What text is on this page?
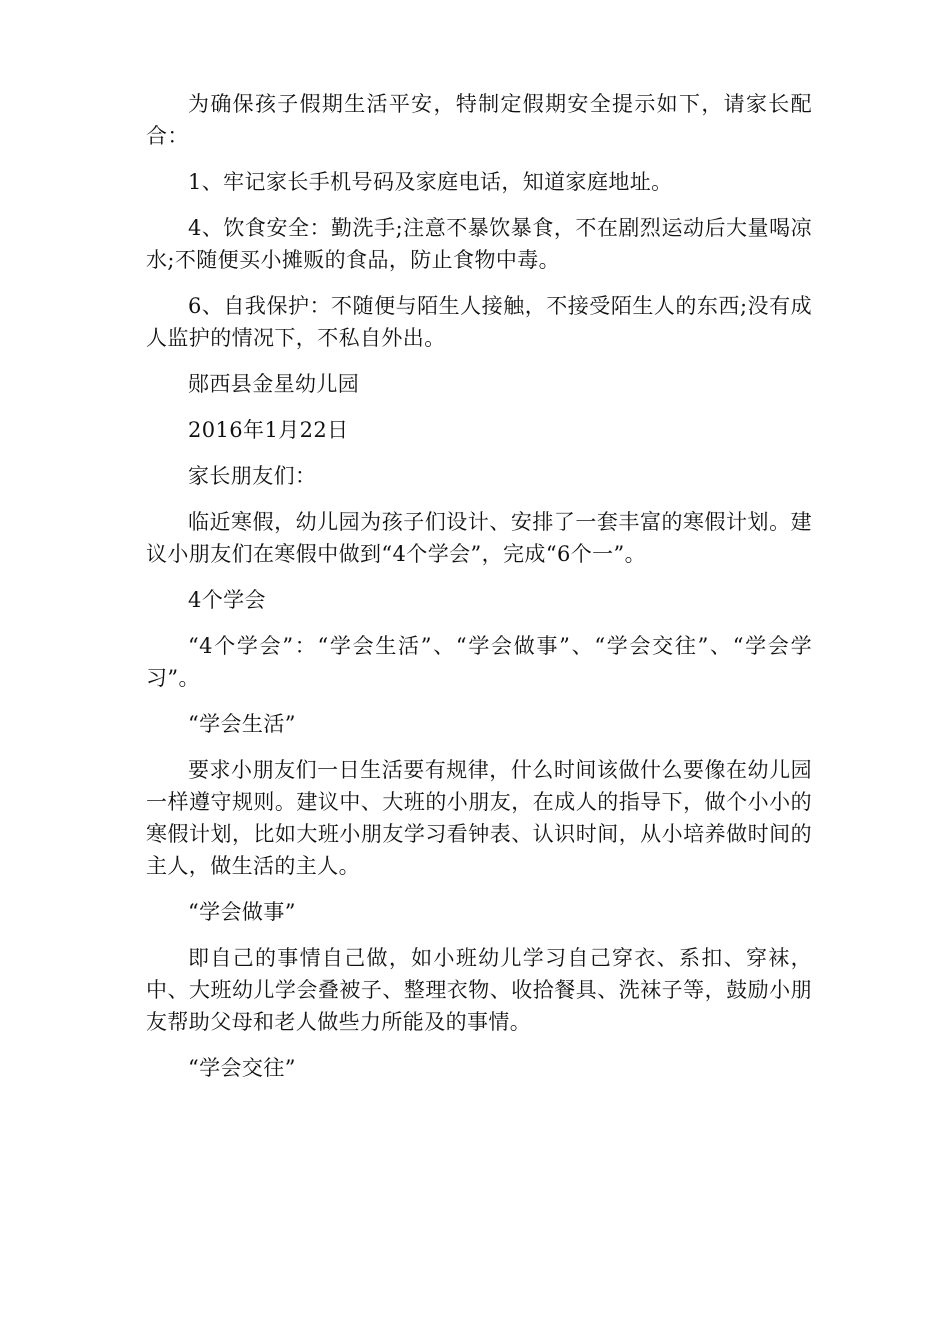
为确保孩子假期生活平安，特制定假期安全提示如下，请家长配合：

1、牢记家长手机号码及家庭电话，知道家庭地址。

4、饮食安全：勤洗手;注意不暴饮暴食，不在剧烈运动后大量喝凉水;不随便买小摊贩的食品，防止食物中毒。

6、自我保护：不随便与陌生人接触，不接受陌生人的东西;没有成人监护的情况下，不私自外出。

郧西县金星幼儿园

2016年1月22日

家长朋友们：

临近寒假，幼儿园为孩子们设计、安排了一套丰富的寒假计划。建议小朋友们在寒假中做到“4个学会”，完成“6个一”。

4个学会

“4个学会”：“学会生活”、“学会做事”、“学会交往”、“学会学习”。

“学会生活”

要求小朋友们一日生活要有规律，什么时间该做什么要像在幼儿园一样遵守规则。建议中、大班的小朋友，在成人的指导下，做个小小的寒假计划，比如大班小朋友学习看钟表、认识时间，从小培养做时间的主人，做生活的主人。

“学会做事”

即自己的事情自己做，如小班幼儿学习自己穿衣、系扣、穿袜，中、大班幼儿学会叠被子、整理衣物、收拾餐具、洗袜子等，鼓励小朋友帮助父母和老人做些力所能及的事情。

“学会交往”
